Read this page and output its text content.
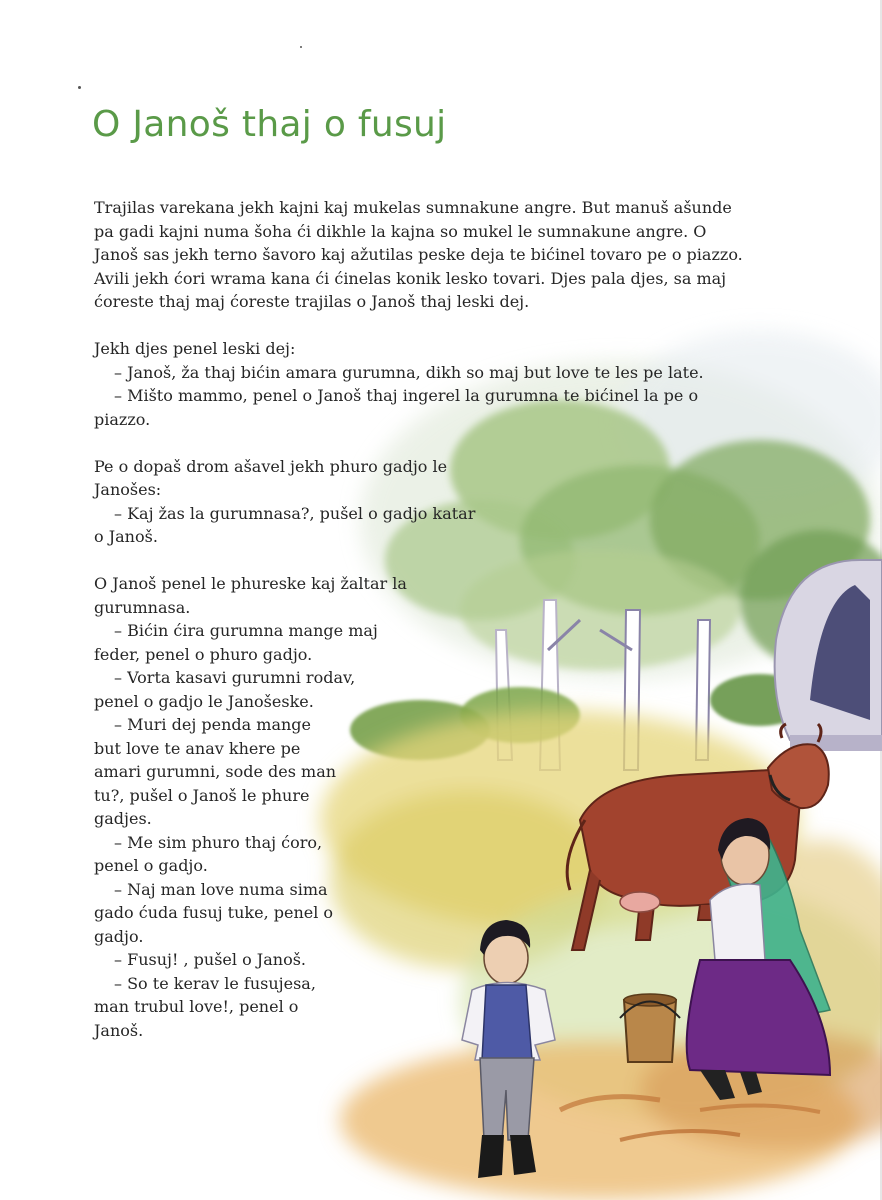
O Janoš thaj o fusuj

Trajilas varekana jekh kajni kaj mukelas sumnakune angre. But manuš ašunde

pa gadi kajni numa šoha ći dikhle la kajna so mukel le sumnakune angre. O

Janoš sas jekh terno šavoro kaj ažutilas peske deja te bićinel tovaro pe o piazzo.

Avili jekh ćori wrama kana ći ćinelas konik lesko tovari. Djes pala djes, sa maj

ćoreste thaj maj ćoreste trajilas o Janoš thaj leski dej.

Jekh djes penel leski dej:

– Janoš, ža thaj bićin amara gurumna, dikh so maj but love te les pe late.

– Mišto mammo, penel o Janoš thaj ingerel la gurumna te bićinel la pe o

piazzo.

Pe o dopaš drom ašavel jekh phuro gadjo le

Janošes:

– Kaj žas la gurumnasa?, pušel o gadjo katar

o Janoš.

O Janoš penel le phureske kaj žaltar la

gurumnasa.

– Bićin ćira gurumna mange maj

feder, penel o phuro gadjo.

– Vorta kasavi gurumni rodav,

penel o gadjo le Janošeske.

– Muri dej penda mange

but love te anav khere pe

amari gurumni, sode des man

tu?, pušel o Janoš le phure

gadjes.

– Me sim phuro thaj ćoro,

penel o gadjo.

– Naj man love numa sima

gado ćuda fusuj tuke, penel o

gadjo.

– Fusuj! , pušel o Janoš.

– So te kerav le fusujesa,

man trubul love!, penel o

Janoš.
